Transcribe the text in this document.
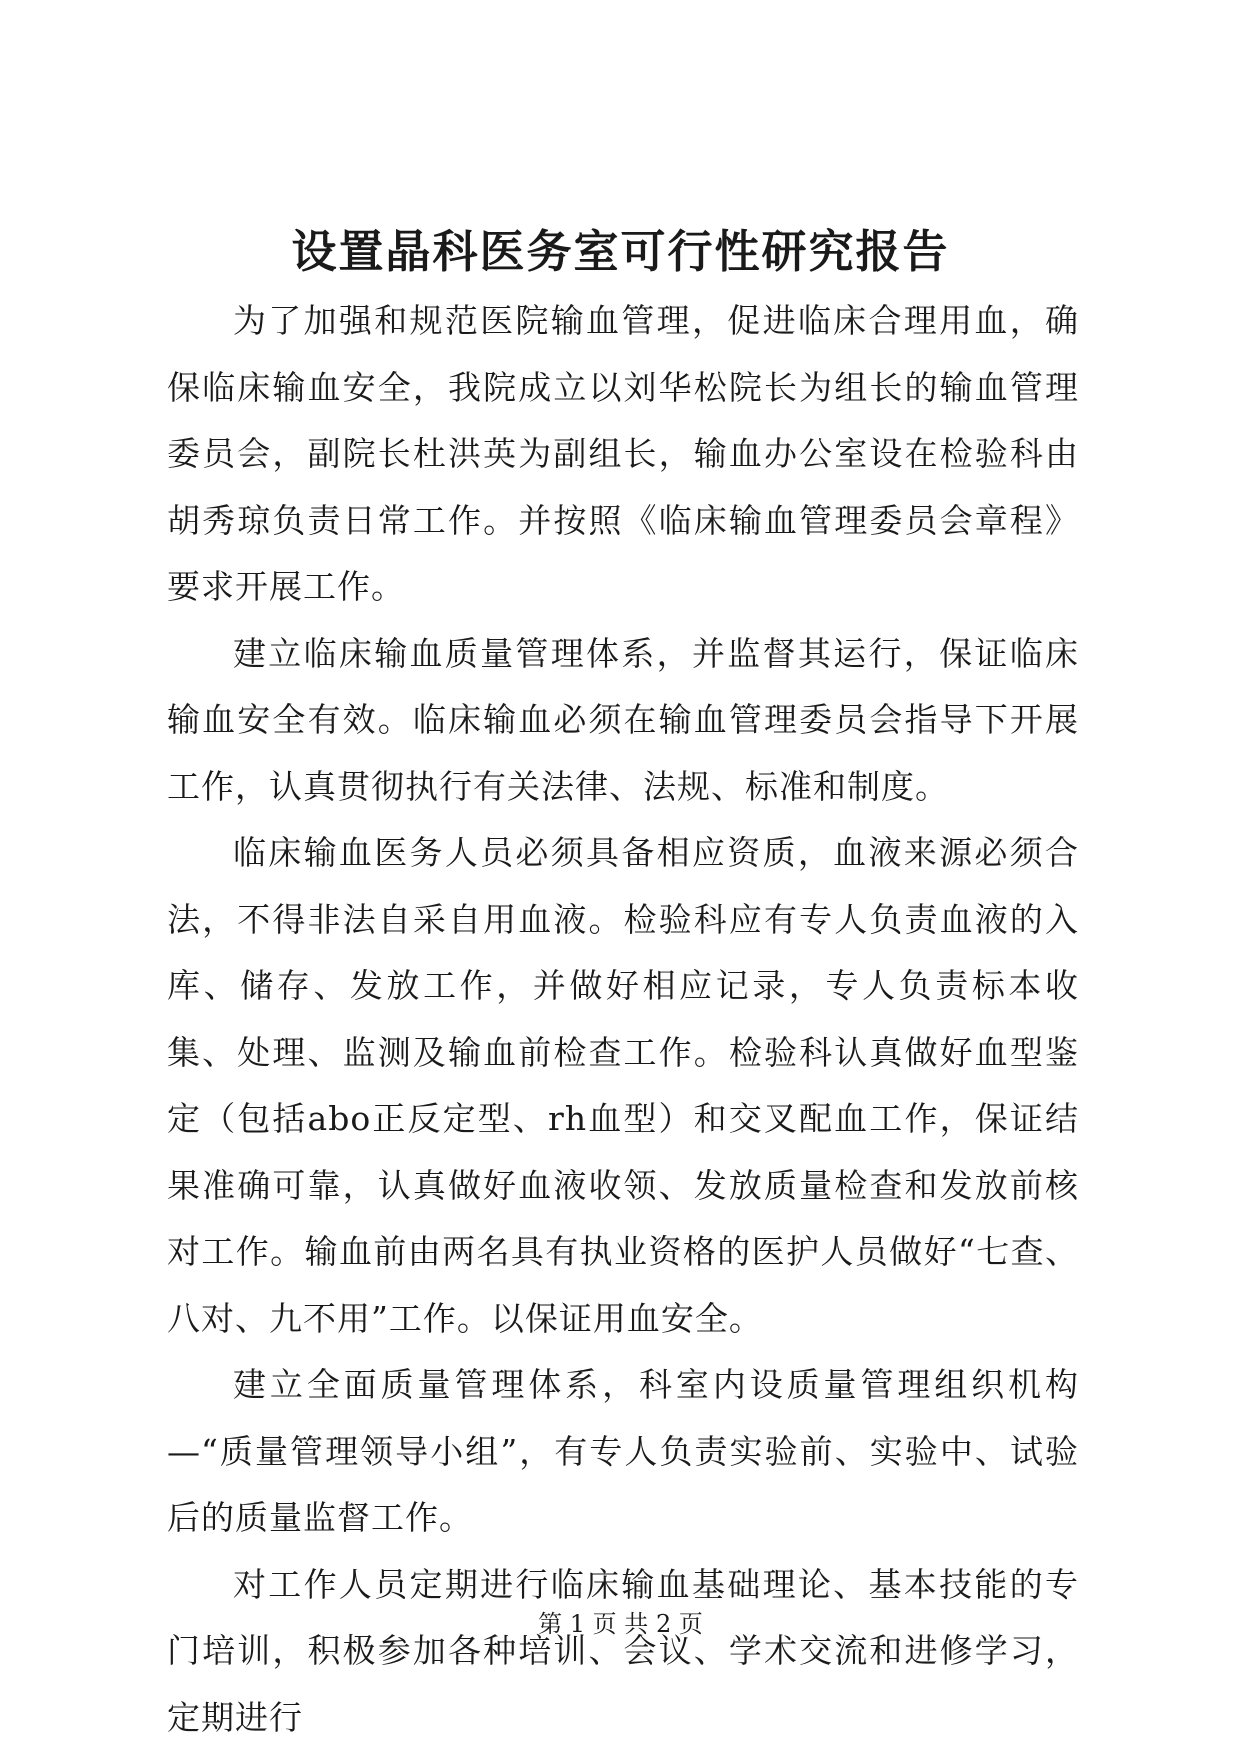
设置晶科医务室可行性研究报告

为了加强和规范医院输血管理，促进临床合理用血，确保临床输血安全，我院成立以刘华松院长为组长的输血管理委员会，副院长杜洪英为副组长，输血办公室设在检验科由胡秀琼负责日常工作。并按照《临床输血管理委员会章程》要求开展工作。

建立临床输血质量管理体系，并监督其运行，保证临床输血安全有效。临床输血必须在输血管理委员会指导下开展工作，认真贯彻执行有关法律、法规、标准和制度。

临床输血医务人员必须具备相应资质，血液来源必须合法，不得非法自采自用血液。检验科应有专人负责血液的入库、储存、发放工作，并做好相应记录，专人负责标本收集、处理、监测及输血前检查工作。检验科认真做好血型鉴定（包括abo正反定型、rh血型）和交叉配血工作，保证结果准确可靠，认真做好血液收领、发放质量检查和发放前核对工作。输血前由两名具有执业资格的医护人员做好“七查、八对、九不用”工作。以保证用血安全。

建立全面质量管理体系，科室内设质量管理组织机构—“质量管理领导小组”，有专人负责实验前、实验中、试验后的质量监督工作。

对工作人员定期进行临床输血基础理论、基本技能的专门培训，积极参加各种培训、会议、学术交流和进修学习，定期进行

第 1 页 共 2 页
